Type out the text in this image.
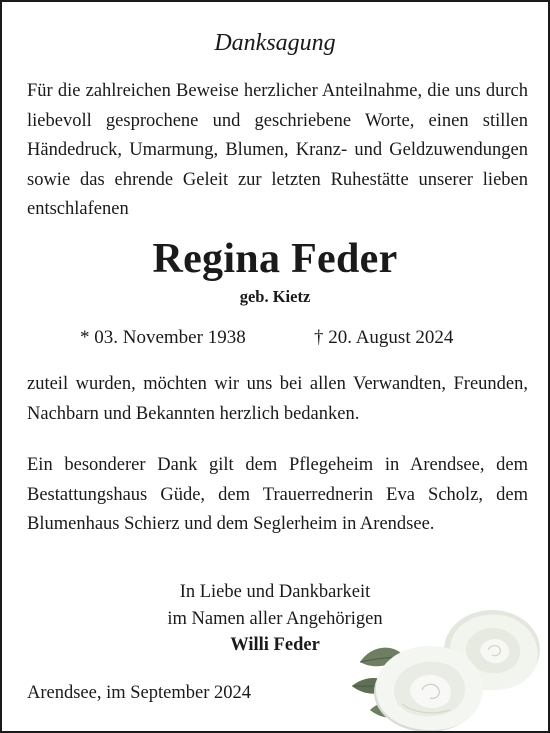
Danksagung

Für die zahlreichen Beweise herzlicher Anteilnahme, die uns durch liebevoll gesprochene und geschriebene Worte, einen stillen Händedruck, Umarmung, Blumen, Kranz- und Geldzuwendungen sowie das ehrende Geleit zur letzten Ruhestätte unserer lieben entschlafenen

Regina Feder
geb. Kietz
* 03. November 1938	† 20. August 2024

zuteil wurden, möchten wir uns bei allen Verwandten, Freunden, Nachbarn und Bekannten herzlich bedanken.

Ein besonderer Dank gilt dem Pflegeheim in Arendsee, dem Bestattungshaus Güde, dem Trauerrednerin Eva Scholz, dem Blumenhaus Schierz und dem Seglerheim in Arendsee.

In Liebe und Dankbarkeit
im Namen aller Angehörigen
Willi Feder
Arendsee, im September 2024
